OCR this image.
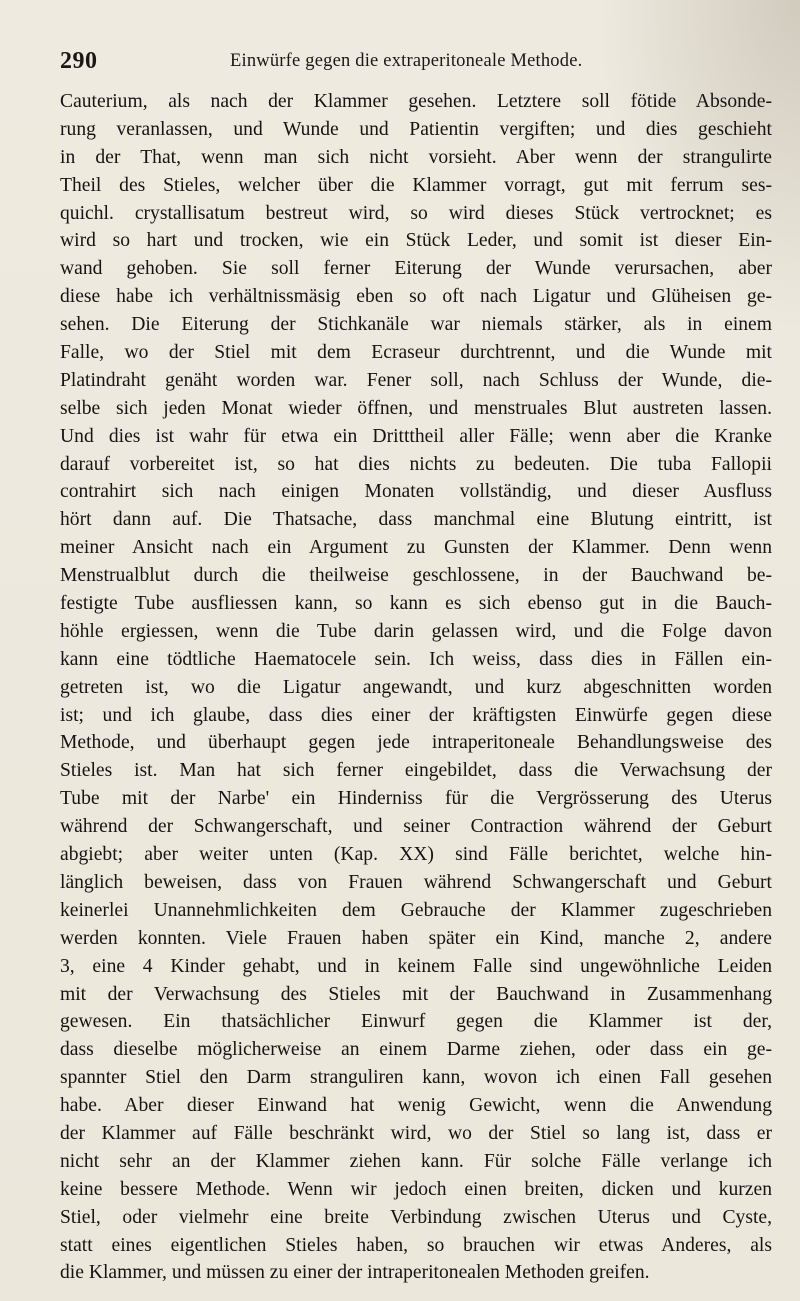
290	Einwürfe gegen die extraperitoneale Methode.
Cauterium, als nach der Klammer gesehen. Letztere soll fötide Absonde-
rung veranlassen, und Wunde und Patientin vergiften; und dies geschieht
in der That, wenn man sich nicht vorsieht. Aber wenn der strangulirte
Theil des Stieles, welcher über die Klammer vorragt, gut mit ferrum ses-
quichl. crystallisatum bestreut wird, so wird dieses Stück vertrocknet; es
wird so hart und trocken, wie ein Stück Leder, und somit ist dieser Ein-
wand gehoben. Sie soll ferner Eiterung der Wunde verursachen, aber
diese habe ich verhältnissmäsig eben so oft nach Ligatur und Glüheisen ge-
sehen. Die Eiterung der Stichkanäle war niemals stärker, als in einem
Falle, wo der Stiel mit dem Ecraseur durchtrennt, und die Wunde mit
Platindraht genäht worden war. Fener soll, nach Schluss der Wunde, die-
selbe sich jeden Monat wieder öffnen, und menstruales Blut austreten lassen.
Und dies ist wahr für etwa ein Dritttheil aller Fälle; wenn aber die Kranke
darauf vorbereitet ist, so hat dies nichts zu bedeuten. Die tuba Fallopii
contrahirt sich nach einigen Monaten vollständig, und dieser Ausfluss
hört dann auf. Die Thatsache, dass manchmal eine Blutung eintritt, ist
meiner Ansicht nach ein Argument zu Gunsten der Klammer. Denn wenn
Menstrualblut durch die theilweise geschlossene, in der Bauchwand be-
festigte Tube ausfliessen kann, so kann es sich ebenso gut in die Bauch-
höhle ergiessen, wenn die Tube darin gelassen wird, und die Folge davon
kann eine tödtliche Haematocele sein. Ich weiss, dass dies in Fällen ein-
getreten ist, wo die Ligatur angewandt, und kurz abgeschnitten worden
ist; und ich glaube, dass dies einer der kräftigsten Einwürfe gegen diese
Methode, und überhaupt gegen jede intraperitoneale Behandlungsweise des
Stieles ist. Man hat sich ferner eingebildet, dass die Verwachsung der
Tube mit der Narbe' ein Hinderniss für die Vergrösserung des Uterus
während der Schwangerschaft, und seiner Contraction während der Geburt
abgiebt; aber weiter unten (Kap. XX) sind Fälle berichtet, welche hin-
länglich beweisen, dass von Frauen während Schwangerschaft und Geburt
keinerlei Unannehmlichkeiten dem Gebrauche der Klammer zugeschrieben
werden konnten. Viele Frauen haben später ein Kind, manche 2, andere
3, eine 4 Kinder gehabt, und in keinem Falle sind ungewöhnliche Leiden
mit der Verwachsung des Stieles mit der Bauchwand in Zusammenhang
gewesen. Ein thatsächlicher Einwurf gegen die Klammer ist der,
dass dieselbe möglicherweise an einem Darme ziehen, oder dass ein ge-
spannter Stiel den Darm stranguliren kann, wovon ich einen Fall gesehen
habe. Aber dieser Einwand hat wenig Gewicht, wenn die Anwendung
der Klammer auf Fälle beschränkt wird, wo der Stiel so lang ist, dass er
nicht sehr an der Klammer ziehen kann. Für solche Fälle verlange ich
keine bessere Methode. Wenn wir jedoch einen breiten, dicken und kurzen
Stiel, oder vielmehr eine breite Verbindung zwischen Uterus und Cyste,
statt eines eigentlichen Stieles haben, so brauchen wir etwas Anderes, als
die Klammer, und müssen zu einer der intraperitonealen Methoden greifen.
